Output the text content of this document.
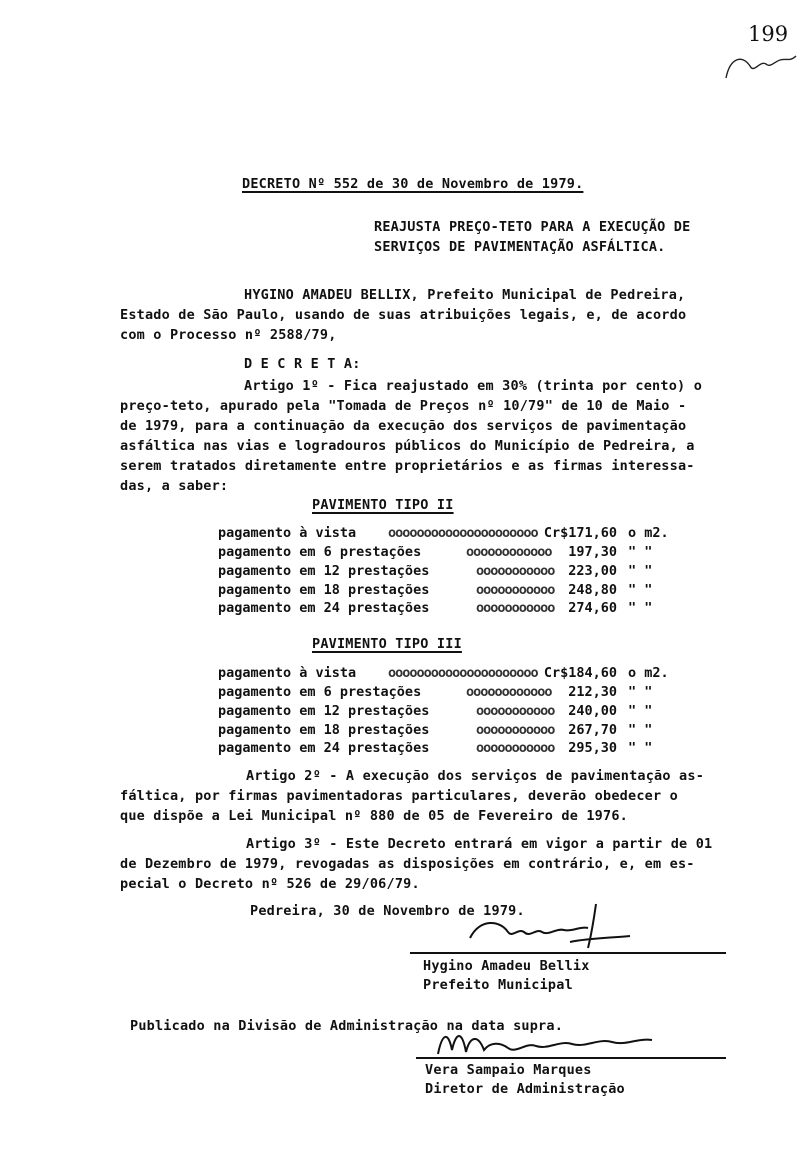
199
DECRETO Nº 552 de 30 de Novembro de 1979.
REAJUSTA PREÇO-TETO PARA A EXECUÇÃO DE
SERVIÇOS DE PAVIMENTAÇÃO ASFÁLTICA.
HYGINO AMADEU BELLIX, Prefeito Municipal de Pedreira,
Estado de São Paulo, usando de suas atribuições legais, e, de acordo
com o Processo nº 2588/79,
D E C R E T A:
Artigo 1º - Fica reajustado em 30% (trinta por cento) o
preço-teto, apurado pela "Tomada de Preços nº 10/79" de 10 de Maio -
de 1979, para a continuação da execução dos serviços de pavimentação
asfáltica nas vias e logradouros públicos do Município de Pedreira, a
serem tratados diretamente entre proprietários e as firmas interessa-
das, a saber:
PAVIMENTO TIPO II
pagamento à vista ooooooooooooooooooooo Cr$171,60 o m2.
pagamento em 6 prestações	oooooooooooo 197,30 " "
pagamento em 12 prestações	ooooooooooo 223,00 " "
pagamento em 18 prestações	ooooooooooo 248,80 " "
pagamento em 24 prestações	ooooooooooo 274,60 " "
PAVIMENTO TIPO III
pagamento à vista ooooooooooooooooooooo Cr$184,60 o m2.
pagamento em 6 prestações	oooooooooooo 212,30 " "
pagamento em 12 prestações	ooooooooooo 240,00 " "
pagamento em 18 prestações	ooooooooooo 267,70 " "
pagamento em 24 prestações	ooooooooooo 295,30 " "
Artigo 2º - A execução dos serviços de pavimentação as-
fáltica, por firmas pavimentadoras particulares, deverão obedecer o
que dispõe a Lei Municipal nº 880 de 05 de Fevereiro de 1976.
Artigo 3º - Este Decreto entrará em vigor a partir de 01
de Dezembro de 1979, revogadas as disposições em contrário, e, em es-
pecial o Decreto nº 526 de 29/06/79.
Pedreira, 30 de Novembro de 1979.
Hygino Amadeu Bellix
Prefeito Municipal
Publicado na Divisão de Administração na data supra.
Vera Sampaio Marques
Diretor de Administração
